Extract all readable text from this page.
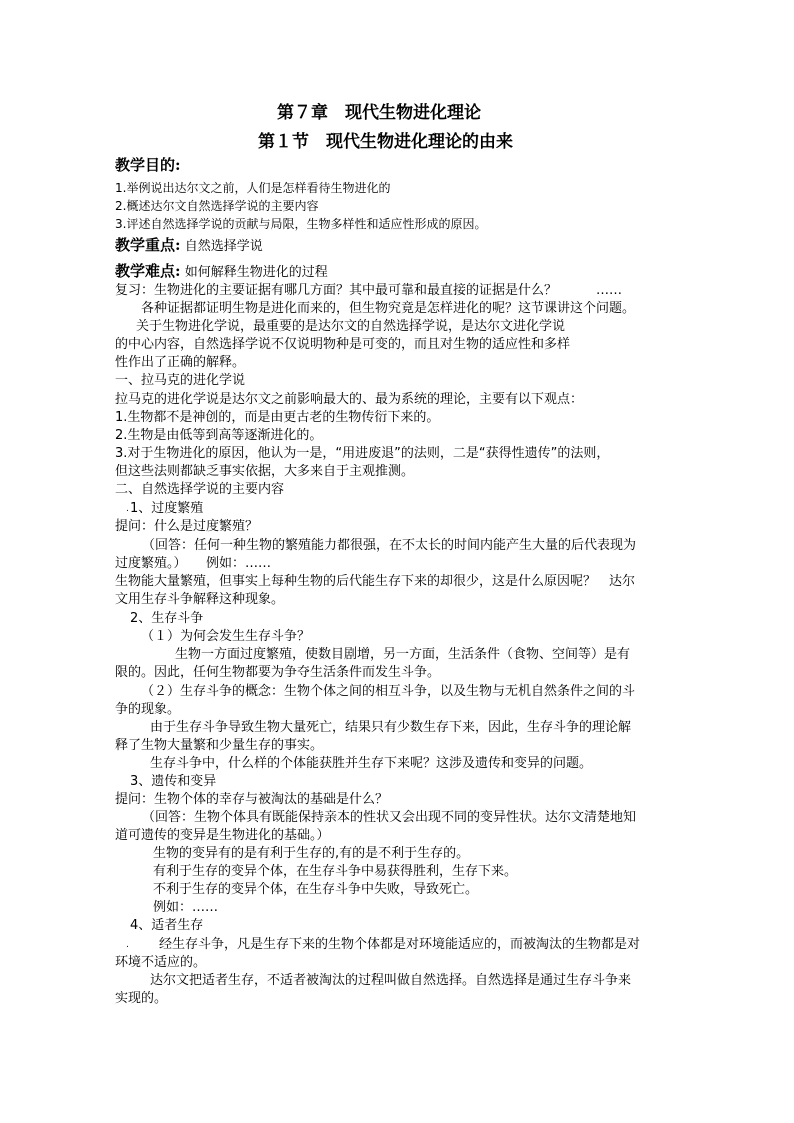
第７章　现代生物进化理论
第１节　现代生物进化理论的由来
教学目的:
1.举例说出达尔文之前，人们是怎样看待生物进化的
2.概述达尔文自然选择学说的主要内容
3.评述自然选择学说的贡献与局限，生物多样性和适应性形成的原因。
教学重点: 自然选择学说
教学难点: 如何解释生物进化的过程
复习：生物进化的主要证据有哪几方面？其中最可靠和最直接的证据是什么？　　　……
各种证据都证明生物是进化而来的，但生物究竟是怎样进化的呢？这节课讲这个问题。
关于生物进化学说，最重要的是达尔文的自然选择学说，是达尔文进化学说
的中心内容，自然选择学说不仅说明物种是可变的，而且对生物的适应性和多样
性作出了正确的解释。
一、拉马克的进化学说
拉马克的进化学说是达尔文之前影响最大的、最为系统的理论，主要有以下观点：
1.生物都不是神创的，而是由更古老的生物传衍下来的。
2.生物是由低等到高等逐渐进化的。
3.对于生物进化的原因，他认为一是，“用进废退”的法则，二是“获得性遗传”的法则，
但这些法则都缺乏事实依据，大多来自于主观推测。
二、自然选择学说的主要内容
. 1、过度繁殖
提问：什么是过度繁殖？
（回答：任何一种生物的繁殖能力都很强，在不太长的时间内能产生大量的后代表现为
过度繁殖。）　　例如：……
生物能大量繁殖，但事实上每种生物的后代能生存下来的却很少，这是什么原因呢？　达尔
文用生存斗争解释这种现象。
2、生存斗争
（１）为何会发生生存斗争？
生物一方面过度繁殖，使数目剧增，另一方面，生活条件（食物、空间等）是有
限的。因此，任何生物都要为争夺生活条件而发生斗争。
（２）生存斗争的概念：生物个体之间的相互斗争，以及生物与无机自然条件之间的斗
争的现象。
由于生存斗争导致生物大量死亡，结果只有少数生存下来，因此，生存斗争的理论解
释了生物大量繁和少量生存的事实。
生存斗争中，什么样的个体能获胜并生存下来呢？这涉及遗传和变异的问题。
3、遗传和变异
提问：生物个体的幸存与被淘汰的基础是什么？
（回答：生物个体具有既能保持亲本的性状又会出现不同的变异性状。达尔文清楚地知
道可遗传的变异是生物进化的基础。）
生物的变异有的是有利于生存的,有的是不利于生存的。
有利于生存的变异个体，在生存斗争中易获得胜利，生存下来。
不利于生存的变异个体，在生存斗争中失败，导致死亡。
例如：……
4、适者生存
. 经生存斗争，凡是生存下来的生物个体都是对环境能适应的，而被淘汰的生物都是对
环境不适应的。
达尔文把适者生存，不适者被淘汰的过程叫做自然选择。自然选择是通过生存斗争来
实现的。
